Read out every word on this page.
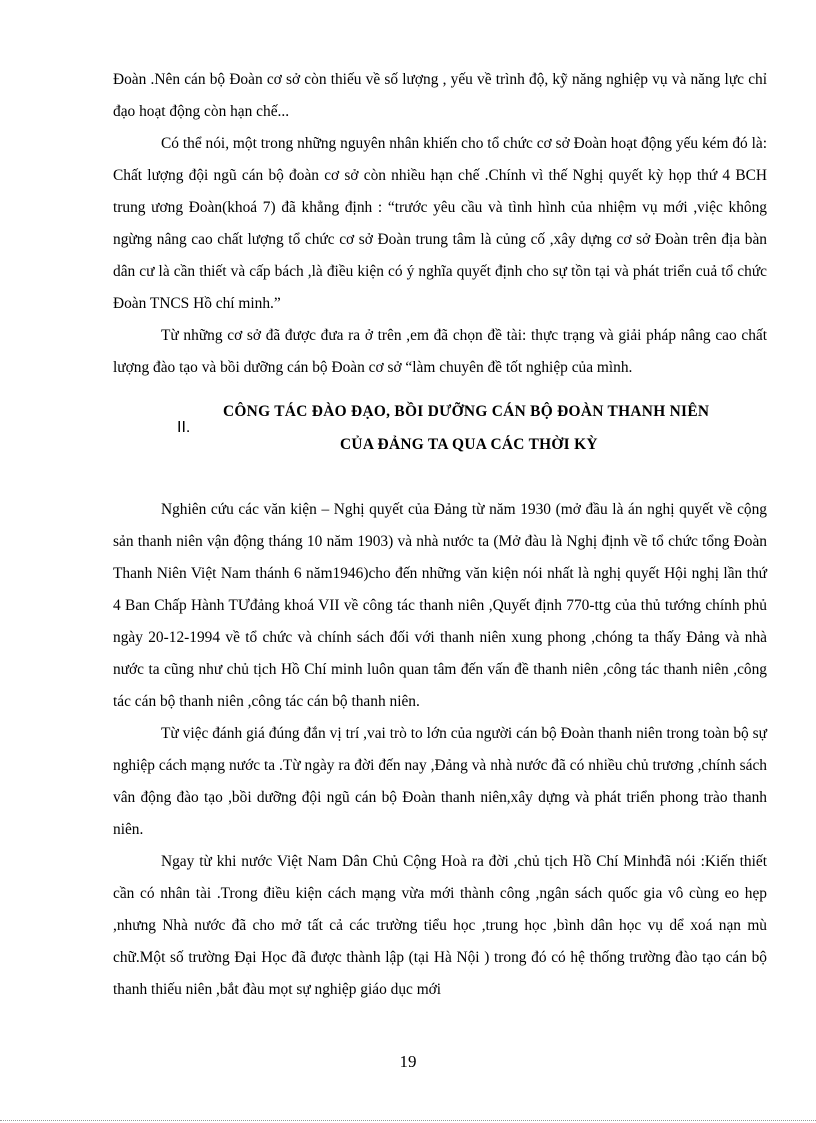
Đoàn .Nên cán bộ Đoàn cơ sở còn thiếu về số lượng , yếu về trình độ, kỹ năng nghiệp vụ và năng lực chỉ đạo hoạt động còn hạn chế...

Có thể nói, một trong những nguyên nhân khiến cho tổ chức cơ sở Đoàn hoạt động yếu kém đó là: Chất lượng đội ngũ cán bộ đoàn cơ sở còn nhiều hạn chế .Chính vì thế Nghị quyết kỳ họp thứ 4 BCH trung ương Đoàn(khoá 7) đã khẳng định : “trước yêu cầu và tình hình của nhiệm vụ mới ,việc không ngừng nâng cao chất lượng tổ chức cơ sở Đoàn trung tâm là củng cố ,xây dựng cơ sở Đoàn trên địa bàn dân cư là cần thiết và cấp bách ,là điều kiện có ý nghĩa quyết định cho sự tồn tại và phát triển cuả tổ chức Đoàn TNCS Hồ chí minh.”

Từ những cơ sở đã được đưa ra ở trên ,em đã chọn đề tài: thực trạng và giải pháp nâng cao chất lượng đào tạo và bồi dưỡng cán bộ Đoàn cơ sở “làm chuyên đề tốt nghiệp của mình.

II.
CÔNG TÁC ĐÀO ĐẠO, BỒI DƯỠNG CÁN BỘ ĐOÀN THANH NIÊN
CỦA ĐẢNG TA QUA CÁC THỜI KỲ

Nghiên cứu các văn kiện – Nghị quyết của Đảng từ năm 1930 (mở đầu là án nghị quyết về cộng sản thanh niên vận động tháng 10 năm 1903) và nhà nước ta (Mở đàu là Nghị định về tổ chức tổng Đoàn Thanh Niên Việt Nam thánh 6 năm1946)cho đến những văn kiện nói nhất là nghị quyết Hội nghị lần thứ 4 Ban Chấp Hành TƯđảng khoá VII về công tác thanh niên ,Quyết định 770-ttg của thủ tướng chính phủ ngày 20-12-1994 về tổ chức và chính sách đối với thanh niên xung phong ,chóng ta thấy Đảng và nhà nước ta cũng như chủ tịch Hồ Chí minh luôn quan tâm đến vấn đề thanh niên ,công tác thanh niên ,công tác cán bộ thanh niên ,công tác cán bộ thanh niên.

Từ việc đánh giá đúng đắn vị trí ,vai trò to lớn của người cán bộ Đoàn thanh niên trong toàn bộ sự nghiệp cách mạng nước ta .Từ ngày ra đời đến nay ,Đảng và nhà nước đã có nhiều chủ trương ,chính sách vân động đào tạo ,bồi dưỡng đội ngũ cán bộ Đoàn thanh niên,xây dựng và phát triển phong trào thanh niên.

Ngay từ khi nước Việt Nam Dân Chủ Cộng Hoà ra đời ,chủ tịch Hồ Chí Minhđã nói :Kiến thiết cần có nhân tài .Trong điều kiện cách mạng vừa mới thành công ,ngân sách quốc gia vô cùng eo hẹp ,nhưng Nhà nước đã cho mở tất cả các trường tiểu học ,trung học ,bình dân học vụ dể xoá nạn mù chữ.Một số trường Đại Học đã được thành lập (tại Hà Nội ) trong đó có hệ thống trường đào tạo cán bộ thanh thiếu niên ,bắt đàu mọt sự nghiệp giáo dục mới

19
